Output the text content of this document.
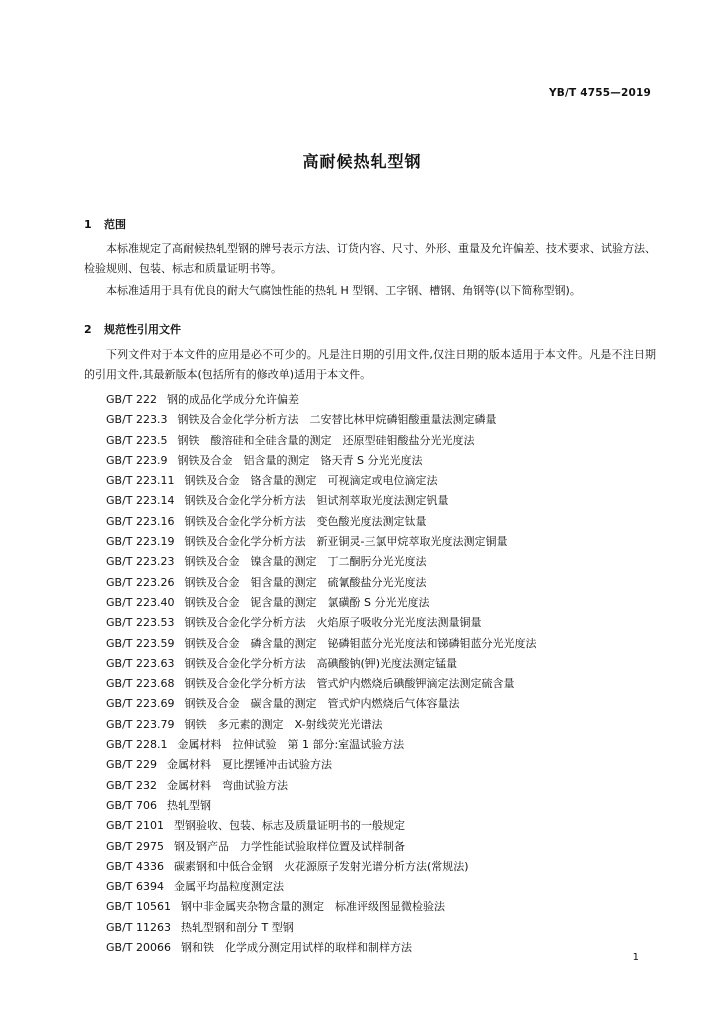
YB/T 4755—2019
高耐候热轧型钢
1 范围
本标准规定了高耐候热轧型钢的牌号表示方法、订货内容、尺寸、外形、重量及允许偏差、技术要求、试验方法、检验规则、包装、标志和质量证明书等。
本标准适用于具有优良的耐大气腐蚀性能的热轧 H 型钢、工字钢、槽钢、角钢等(以下简称型钢)。
2 规范性引用文件
下列文件对于本文件的应用是必不可少的。凡是注日期的引用文件,仅注日期的版本适用于本文件。凡是不注日期的引用文件,其最新版本(包括所有的修改单)适用于本文件。
GB/T 222 钢的成品化学成分允许偏差
GB/T 223.3 钢铁及合金化学分析方法　二安替比林甲烷磷钼酸重量法测定磷量
GB/T 223.5 钢铁　酸溶硅和全硅含量的测定　还原型硅钼酸盐分光光度法
GB/T 223.9 钢铁及合金　铝含量的测定　铬天青 S 分光光度法
GB/T 223.11 钢铁及合金　铬含量的测定　可视滴定或电位滴定法
GB/T 223.14 钢铁及合金化学分析方法　钽试剂萃取光度法测定钒量
GB/T 223.16 钢铁及合金化学分析方法　变色酸光度法测定钛量
GB/T 223.19 钢铁及合金化学分析方法　新亚铜灵-三氯甲烷萃取光度法测定铜量
GB/T 223.23 钢铁及合金　镍含量的测定　丁二酮肟分光光度法
GB/T 223.26 钢铁及合金　钼含量的测定　硫氰酸盐分光光度法
GB/T 223.40 钢铁及合金　铌含量的测定　氯磺酚 S 分光光度法
GB/T 223.53 钢铁及合金化学分析方法　火焰原子吸收分光光度法测量铜量
GB/T 223.59 钢铁及合金　磷含量的测定　铋磷钼蓝分光光度法和锑磷钼蓝分光光度法
GB/T 223.63 钢铁及合金化学分析方法　高碘酸钠(钾)光度法测定锰量
GB/T 223.68 钢铁及合金化学分析方法　管式炉内燃烧后碘酸钾滴定法测定硫含量
GB/T 223.69 钢铁及合金　碳含量的测定　管式炉内燃烧后气体容量法
GB/T 223.79 钢铁　多元素的测定　X-射线荧光光谱法
GB/T 228.1 金属材料　拉伸试验　第 1 部分:室温试验方法
GB/T 229 金属材料　夏比摆锤冲击试验方法
GB/T 232 金属材料　弯曲试验方法
GB/T 706 热轧型钢
GB/T 2101 型钢验收、包装、标志及质量证明书的一般规定
GB/T 2975 钢及钢产品　力学性能试验取样位置及试样制备
GB/T 4336 碳素钢和中低合金钢　火花源原子发射光谱分析方法(常规法)
GB/T 6394 金属平均晶粒度测定法
GB/T 10561 钢中非金属夹杂物含量的测定　标准评级图显微检验法
GB/T 11263 热轧型钢和剖分 T 型钢
GB/T 20066 钢和铁　化学成分测定用试样的取样和制样方法
1
